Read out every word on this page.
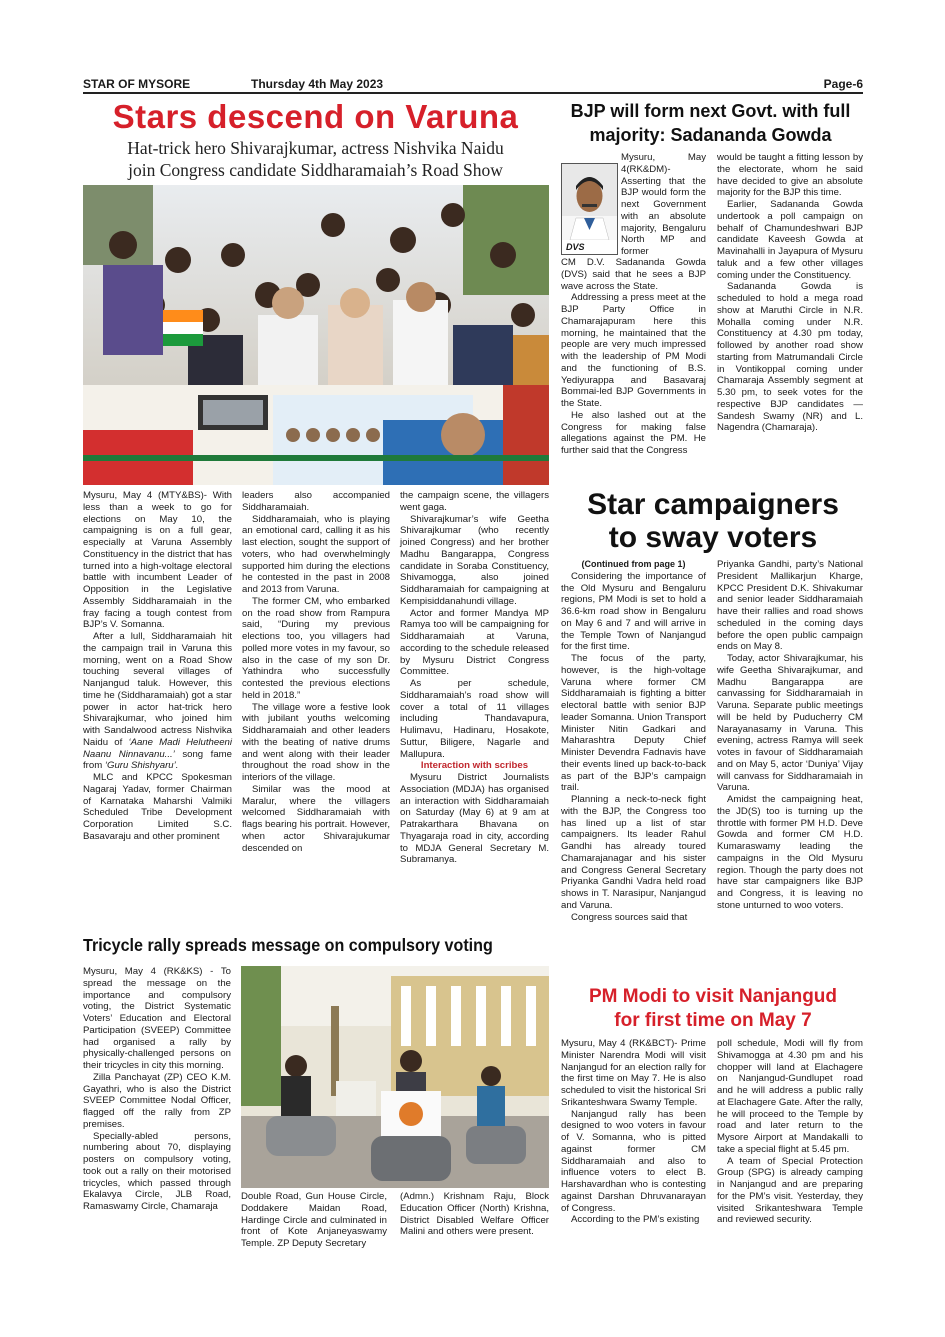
STAR OF MYSORE	Thursday 4th May 2023	Page-6
Stars descend on Varuna
Hat-trick hero Shivarajkumar, actress Nishvika Naidu
join Congress candidate Siddharamaiah’s Road Show

Mysuru, May 4 (MTY&BS)- With less than a week to go for elections on May 10, the campaigning is on a full gear, especially at Varuna Assembly Constituency in the district that has turned into a high-voltage electoral battle with incumbent Leader of Opposition in the Legislative Assembly Siddharamaiah in the fray facing a tough contest from BJP’s V. Somanna.

After a lull, Siddharamaiah hit the campaign trail in Varuna this morning, went on a Road Show touching several villages of Nanjangud taluk. However, this time he (Siddharamaiah) got a star power in actor hat-trick hero Shivarajkumar, who joined him with Sandalwood actress Nishvika Naidu of ‘Aane Madi Helutheeni Naanu Ninnavanu...’ song fame from ‘Guru Shishyaru’.

MLC and KPCC Spokesman Nagaraj Yadav, former Chairman of Karnataka Maharshi Valmiki Scheduled Tribe Development Corporation Limited S.C. Basavaraju and other prominent

leaders also accompanied Siddharamaiah.

Siddharamaiah, who is playing an emotional card, calling it as his last election, sought the support of voters, who had overwhelmingly supported him during the elections he contested in the past in 2008 and 2013 from Varuna.

The former CM, who embarked on the road show from Rampura said, “During my previous elections too, you villagers had polled more votes in my favour, so also in the case of my son Dr. Yathindra who successfully contested the previous elections held in 2018.”

The village wore a festive look with jubilant youths welcoming Siddharamaiah and other leaders with the beating of native drums and went along with their leader throughout the road show in the interiors of the village.

Similar was the mood at Maralur, where the villagers welcomed Siddharamaiah with flags bearing his portrait. However, when actor Shivarajukumar descended on

the campaign scene, the villagers went gaga.

Shivarajkumar’s wife Geetha Shivarajkumar (who recently joined Congress) and her brother Madhu Bangarappa, Congress candidate in Soraba Constituency, Shivamogga, also joined Siddharamaiah for campaigning at Kempisiddanahundi village.

Actor and former Mandya MP Ramya too will be campaigning for Siddharamaiah at Varuna, according to the schedule released by Mysuru District Congress Committee.

As per schedule, Siddharamaiah’s road show will cover a total of 11 villages including Thandavapura, Hulimavu, Hadinaru, Hosakote, Suttur, Biligere, Nagarle and Mallupura.

Interaction with scribes

Mysuru District Journalists Association (MDJA) has organised an interaction with Siddharamaiah on Saturday (May 6) at 9 am at Patrakarthara Bhavana on Thyagaraja road in city, according to MDJA General Secretary M. Subramanya.

Tricycle rally spreads message on compulsory voting

Mysuru, May 4 (RK&KS) - To spread the message on the importance and compulsory voting, the District Systematic Voters’ Education and Electoral Participation (SVEEP) Committee had organised a rally by physically-challenged persons on their tricycles in city this morning.

Zilla Panchayat (ZP) CEO K.M. Gayathri, who is also the District SVEEP Committee Nodal Officer, flagged off the rally from ZP premises.

Specially-abled persons, numbering about 70, displaying posters on compulsory voting, took out a rally on their motorised tricycles, which passed through Ekalavya Circle, JLB Road, Ramaswamy Circle, Chamaraja

Double Road, Gun House Circle, Doddakere Maidan Road, Hardinge Circle and culminated in front of Kote Anjaneyaswamy Temple. ZP Deputy Secretary

(Admn.) Krishnam Raju, Block Education Officer (North) Krishna, District Disabled Welfare Officer Malini and others were present.

BJP will form next Govt. with full
majority: Sadananda Gowda
DVS

Mysuru, May 4(RK&DM)- Asserting that the BJP would form the next Government with an absolute majority, Bengaluru North MP and former

CM D.V. Sadananda Gowda (DVS) said that he sees a BJP wave across the State.

Addressing a press meet at the BJP Party Office in Chamarajapuram here this morning, he maintained that the people are very much impressed with the leadership of PM Modi and the functioning of B.S. Yediyurappa and Basavaraj Bommai-led BJP Governments in the State.

He also lashed out at the Congress for making false allegations against the PM. He further said that the Congress

would be taught a fitting lesson by the electorate, whom he said have decided to give an absolute majority for the BJP this time.

Earlier, Sadananda Gowda undertook a poll campaign on behalf of Chamundeshwari BJP candidate Kaveesh Gowda at Mavinahalli in Jayapura of Mysuru taluk and a few other villages coming under the Constituency.

Sadananda Gowda is scheduled to hold a mega road show at Maruthi Circle in N.R. Mohalla coming under N.R. Constituency at 4.30 pm today, followed by another road show starting from Matrumandali Circle in Vontikoppal coming under Chamaraja Assembly segment at 5.30 pm, to seek votes for the respective BJP candidates — Sandesh Swamy (NR) and L. Nagendra (Chamaraja).

Star campaigners
to sway voters

(Continued from page 1)

Considering the importance of the Old Mysuru and Bengaluru regions, PM Modi is set to hold a 36.6-km road show in Bengaluru on May 6 and 7 and will arrive in the Temple Town of Nanjangud for the first time.

The focus of the party, however, is the high-voltage Varuna where former CM Siddharamaiah is fighting a bitter electoral battle with senior BJP leader Somanna. Union Transport Minister Nitin Gadkari and Maharashtra Deputy Chief Minister Devendra Fadnavis have their events lined up back-to-back as part of the BJP’s campaign trail.

Planning a neck-to-neck fight with the BJP, the Congress too has lined up a list of star campaigners. Its leader Rahul Gandhi has already toured Chamarajanagar and his sister and Congress General Secretary Priyanka Gandhi Vadra held road shows in T. Narasipur, Nanjangud and Varuna.

Congress sources said that

Priyanka Gandhi, party’s National President Mallikarjun Kharge, KPCC President D.K. Shivakumar and senior leader Siddharamaiah have their rallies and road shows scheduled in the coming days before the open public campaign ends on May 8.

Today, actor Shivarajkumar, his wife Geetha Shivarajkumar, and Madhu Bangarappa are canvassing for Siddharamaiah in Varuna. Separate public meetings will be held by Puducherry CM Narayanasamy in Varuna. This evening, actress Ramya will seek votes in favour of Siddharamaiah and on May 5, actor ‘Duniya’ Vijay will canvass for Siddharamaiah in Varuna.

Amidst the campaigning heat, the JD(S) too is turning up the throttle with former PM H.D. Deve Gowda and former CM H.D. Kumaraswamy leading the campaigns in the Old Mysuru region. Though the party does not have star campaigners like BJP and Congress, it is leaving no stone unturned to woo voters.

PM Modi to visit Nanjangud
for first time on May 7

Mysuru, May 4 (RK&BCT)- Prime Minister Narendra Modi will visit Nanjangud for an election rally for the first time on May 7. He is also scheduled to visit the historical Sri Srikanteshwara Swamy Temple.

Nanjangud rally has been designed to woo voters in favour of V. Somanna, who is pitted against former CM Siddharamaiah and also to influence voters to elect B. Harshavardhan who is contesting against Darshan Dhruvanarayan of Congress.

According to the PM’s existing

poll schedule, Modi will fly from Shivamogga at 4.30 pm and his chopper will land at Elachagere on Nanjangud-Gundlupet road and he will address a public rally at Elachagere Gate. After the rally, he will proceed to the Temple by road and later return to the Mysore Airport at Mandakalli to take a special flight at 5.45 pm.

A team of Special Protection Group (SPG) is already camping in Nanjangud and are preparing for the PM’s visit. Yesterday, they visited Srikanteshwara Temple and reviewed security.
